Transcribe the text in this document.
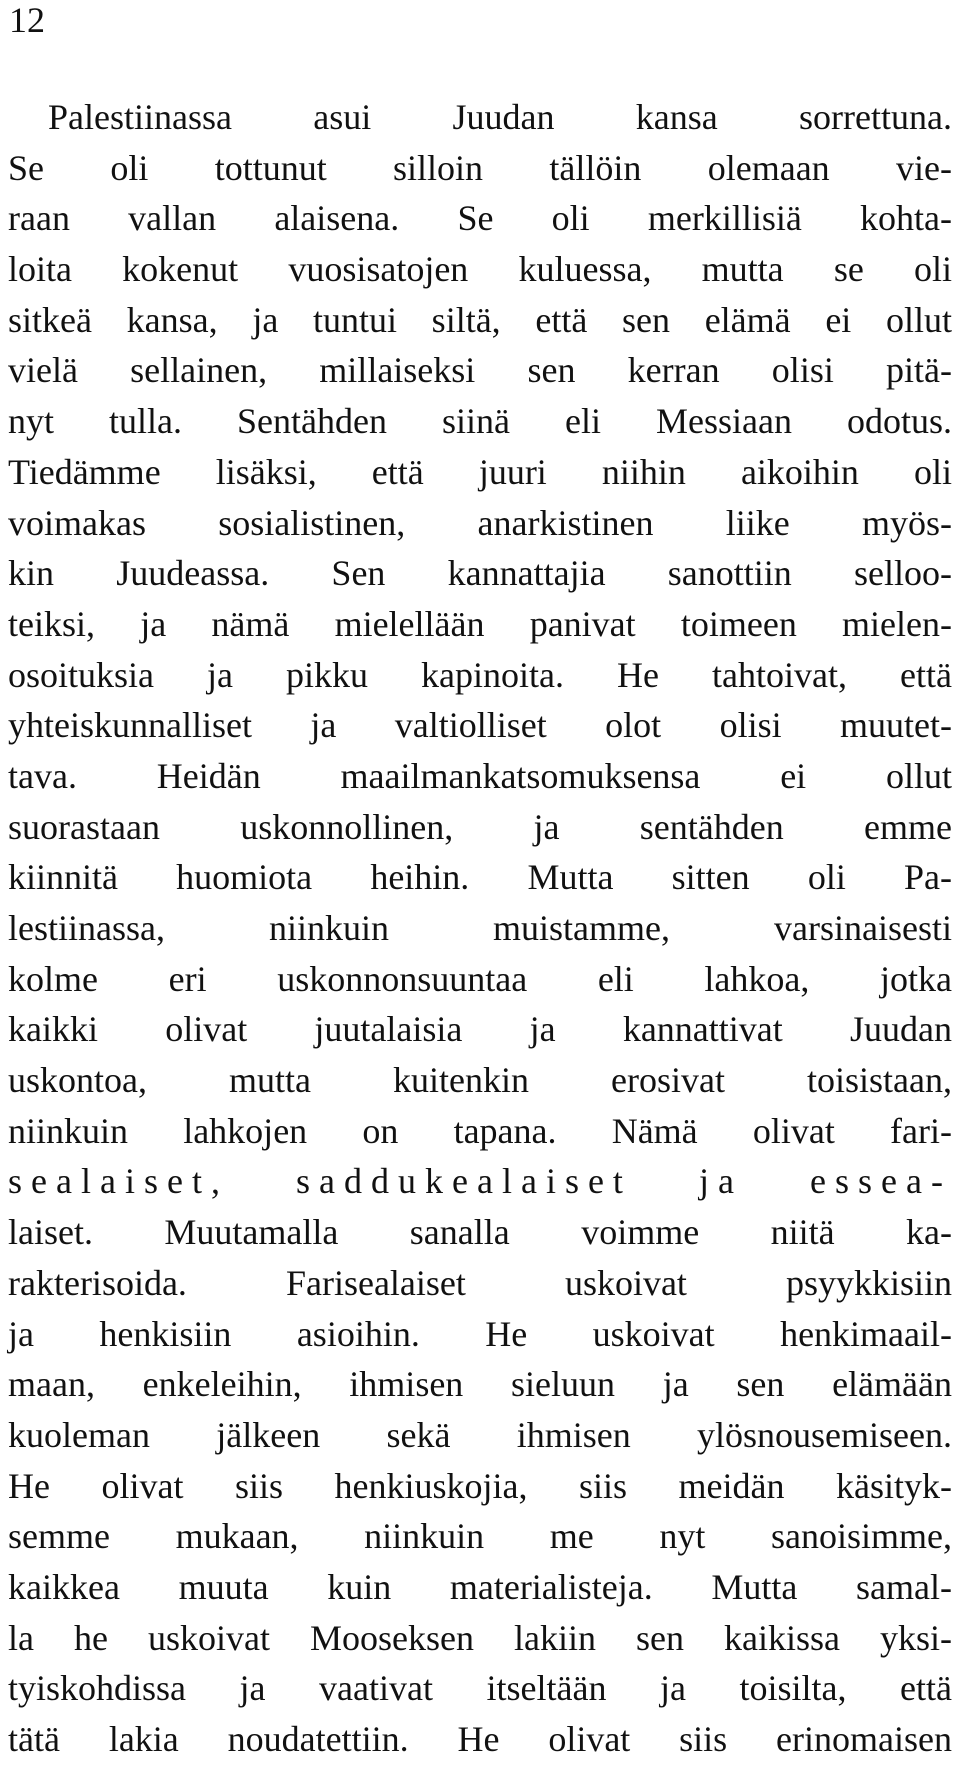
12
Palestiinassa asui Juudan kansa sorrettuna.
Se oli tottunut silloin tällöin olemaan vie-
raan vallan alaisena. Se oli merkillisiä kohta-
loita kokenut vuosisatojen kuluessa, mutta se oli
sitkeä kansa, ja tuntui siltä, että sen elämä ei ollut
vielä sellainen, millaiseksi sen kerran olisi pitä-
nyt tulla. Sentähden siinä eli Messiaan odotus.
Tiedämme lisäksi, että juuri niihin aikoihin oli
voimakas sosialistinen, anarkistinen liike myös-
kin Juudeassa. Sen kannattajia sanottiin selloo-
teiksi, ja nämä mielellään panivat toimeen mielen-
osoituksia ja pikku kapinoita. He tahtoivat, että
yhteiskunnalliset ja valtiolliset olot olisi muutet-
tava. Heidän maailmankatsomuksensa ei ollut
suorastaan uskonnollinen, ja sentähden emme
kiinnitä huomiota heihin. Mutta sitten oli Pa-
lestiinassa, niinkuin muistamme, varsinaisesti
kolme eri uskonnonsuuntaa eli lahkoa, jotka
kaikki olivat juutalaisia ja kannattivat Juudan
uskontoa, mutta kuitenkin erosivat toisistaan,
niinkuin lahkojen on tapana. Nämä olivat fari-
sealaiset, saddukealaiset ja essea-
laiset. Muutamalla sanalla voimme niitä ka-
rakterisoida. Farisealaiset uskoivat psyykkisiin
ja henkisiin asioihin. He uskoivat henkimaail-
maan, enkeleihin, ihmisen sieluun ja sen elämään
kuoleman jälkeen sekä ihmisen ylösnousemiseen.
He olivat siis henkiuskojia, siis meidän käsityk-
semme mukaan, niinkuin me nyt sanoisimme,
kaikkea muuta kuin materialisteja. Mutta samal-
la he uskoivat Mooseksen lakiin sen kaikissa yksi-
tyiskohdissa ja vaativat itseltään ja toisilta, että
tätä lakia noudatettiin. He olivat siis erinomaisen
